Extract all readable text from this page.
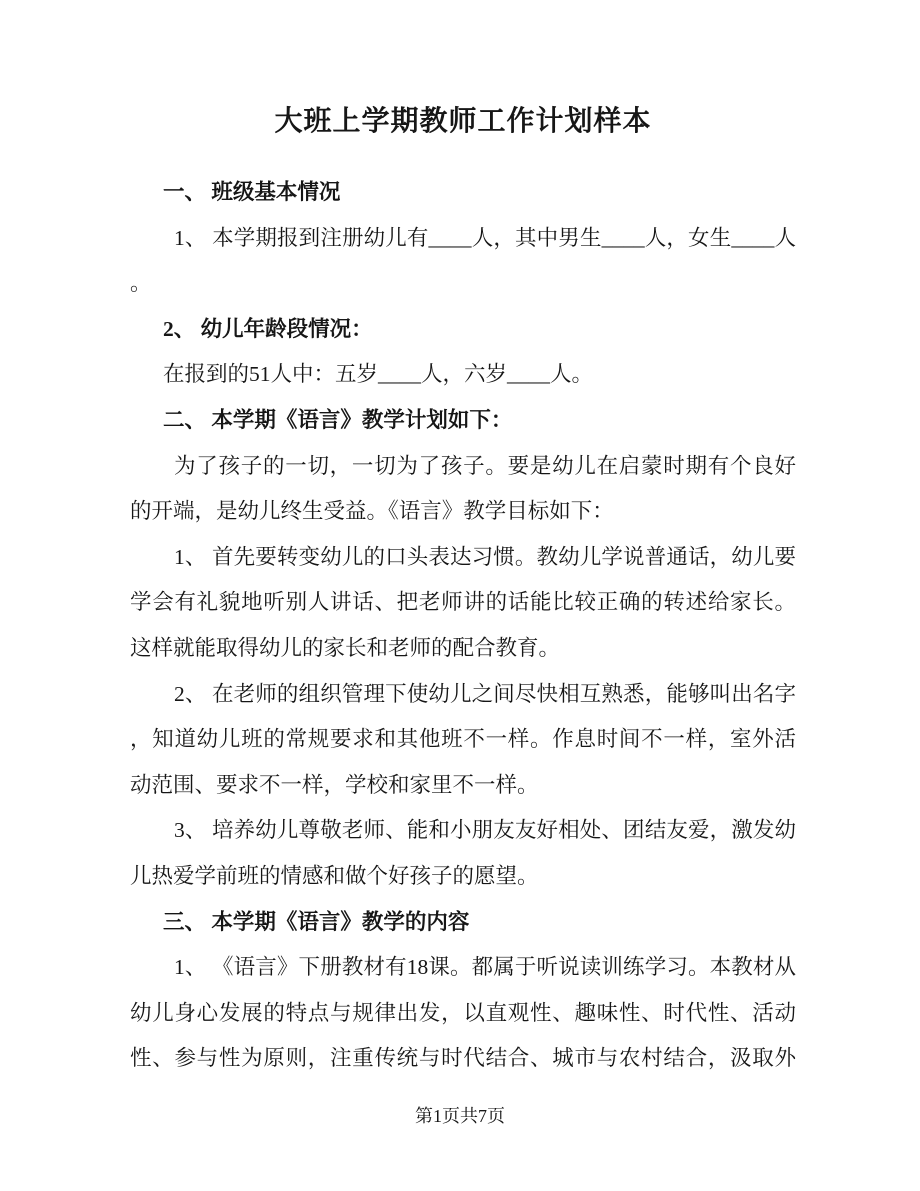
大班上学期教师工作计划样本
一、 班级基本情况
1、 本学期报到注册幼儿有____人，其中男生____人，女生____人
。
2、 幼儿年龄段情况：
在报到的51人中：五岁____人，六岁____人。
二、 本学期《语言》教学计划如下：
为了孩子的一切，一切为了孩子。要是幼儿在启蒙时期有个良好
的开端，是幼儿终生受益。《语言》教学目标如下：
1、 首先要转变幼儿的口头表达习惯。教幼儿学说普通话，幼儿要
学会有礼貌地听别人讲话、把老师讲的话能比较正确的转述给家长。
这样就能取得幼儿的家长和老师的配合教育。
2、 在老师的组织管理下使幼儿之间尽快相互熟悉，能够叫出名字
，知道幼儿班的常规要求和其他班不一样。作息时间不一样，室外活
动范围、要求不一样，学校和家里不一样。
3、 培养幼儿尊敬老师、能和小朋友友好相处、团结友爱，激发幼
儿热爱学前班的情感和做个好孩子的愿望。
三、 本学期《语言》教学的内容
1、 《语言》下册教材有18课。都属于听说读训练学习。本教材从
幼儿身心发展的特点与规律出发，以直观性、趣味性、时代性、活动
性、参与性为原则，注重传统与时代结合、城市与农村结合，汲取外
第1页共7页
